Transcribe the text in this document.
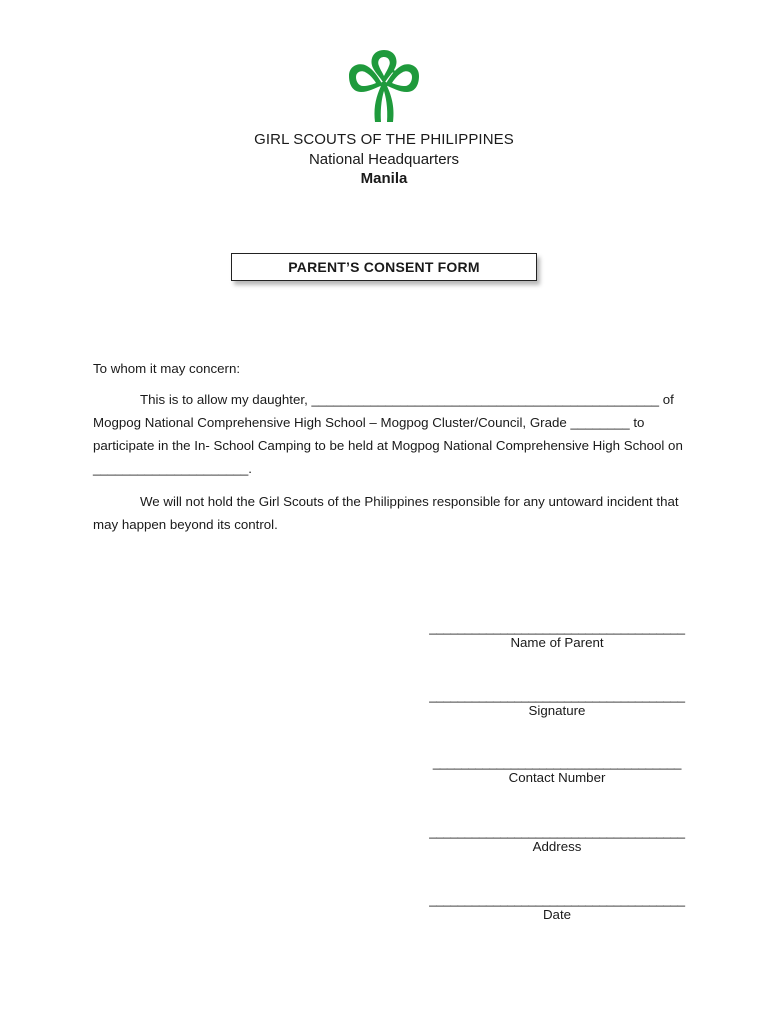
GIRL SCOUTS OF THE PHILIPPINES
National Headquarters
Manila
PARENT’S CONSENT FORM
To whom it may concern:
This is to allow my daughter, _______________________________________________ of Mogpog National Comprehensive High School – Mogpog Cluster/Council, Grade ________ to participate in the In- School Camping to be held at Mogpog National Comprehensive High School on _____________________.
We will not hold the Girl Scouts of the Philippines responsible for any untoward incident that may happen beyond its control.
____________________________________
Name of Parent
____________________________________
Signature
___________________________________
Contact Number
____________________________________
Address
____________________________________
Date
